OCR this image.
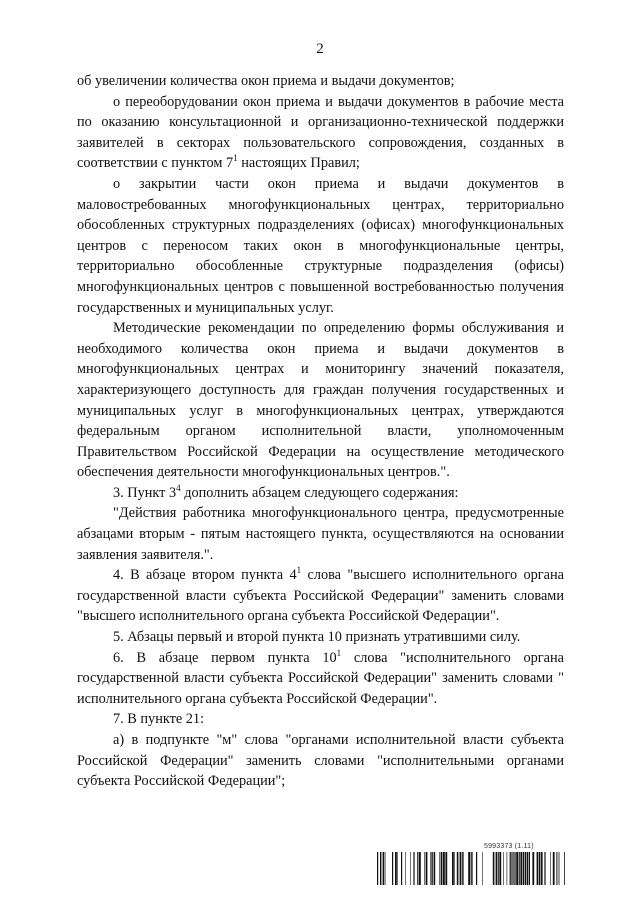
2

об увеличении количества окон приема и выдачи документов;

о переоборудовании окон приема и выдачи документов в рабочие места по оказанию консультационной и организационно-технической поддержки заявителей в секторах пользовательского сопровождения, созданных в соответствии с пунктом $7^1$ настоящих Правил;

о закрытии части окон приема и выдачи документов в маловостребованных многофункциональных центрах, территориально обособленных структурных подразделениях (офисах) многофункциональных центров с переносом таких окон в многофункциональные центры, территориально обособленные структурные подразделения (офисы) многофункциональных центров с повышенной востребованностью получения государственных и муниципальных услуг.

Методические рекомендации по определению формы обслуживания и необходимого количества окон приема и выдачи документов в многофункциональных центрах и мониторингу значений показателя, характеризующего доступность для граждан получения государственных и муниципальных услуг в многофункциональных центрах, утверждаются федеральным органом исполнительной власти, уполномоченным Правительством Российской Федерации на осуществление методического обеспечения деятельности многофункциональных центров.".

3. Пункт $3^4$ дополнить абзацем следующего содержания:

"Действия работника многофункционального центра, предусмотренные абзацами вторым - пятым настоящего пункта, осуществляются на основании заявления заявителя.".

4. В абзаце втором пункта $4^1$ слова "высшего исполнительного органа государственной власти субъекта Российской Федерации" заменить словами "высшего исполнительного органа субъекта Российской Федерации".

5. Абзацы первый и второй пункта 10 признать утратившими силу.

6. В абзаце первом пункта $10^1$ слова "исполнительного органа государственной власти субъекта Российской Федерации" заменить словами " исполнительного органа субъекта Российской Федерации".

7. В пункте 21:

а) в подпункте "м" слова "органами исполнительной власти субъекта Российской Федерации" заменить словами "исполнительными органами субъекта Российской Федерации";

5993373 (1.11)
